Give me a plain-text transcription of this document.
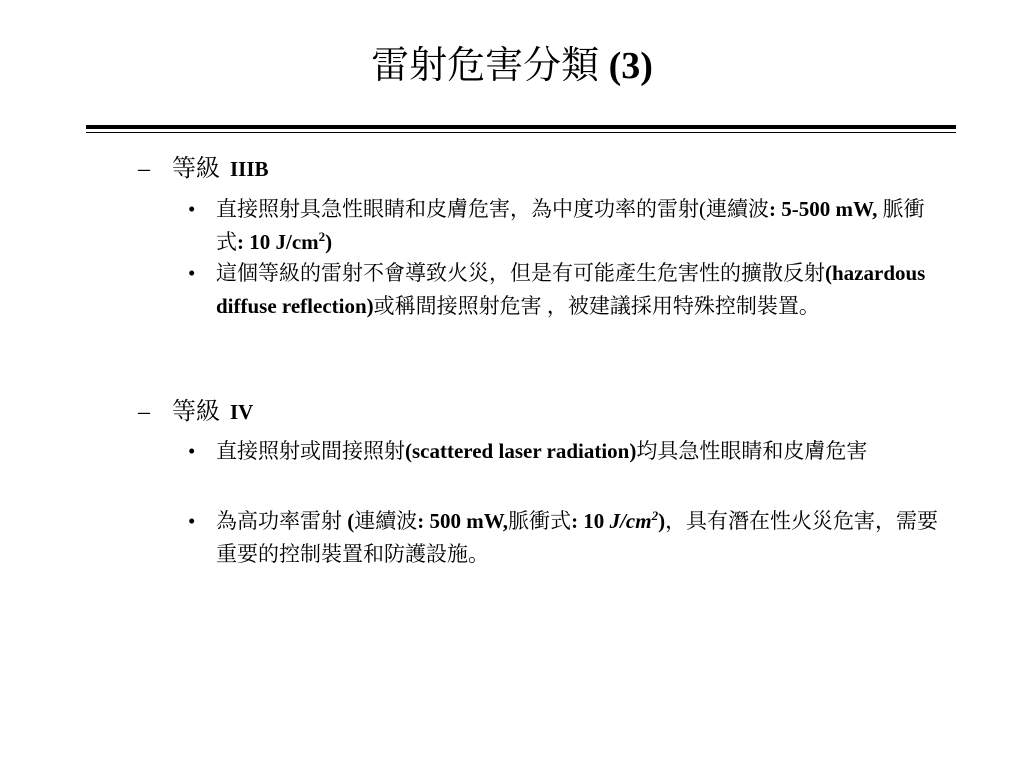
雷射危害分類 (3)
– 等級 IIIB
• 直接照射具急性眼睛和皮膚危害，為中度功率的雷射(連續波: 5-500 mW, 脈衝式: 10 $J/cm^2$)
• 這個等級的雷射不會導致火災，但是有可能產生危害性的擴散反射(hazardous diffuse reflection)或稱間接照射危害 ，被建議採用特殊控制裝置。
– 等級 IV
• 直接照射或間接照射(scattered laser radiation)均具急性眼睛和皮膚危害
• 為高功率雷射 (連續波: 500 mW,脈衝式: 10 $J/cm^2$)，具有潛在性火災危害，需要重要的控制裝置和防護設施。
